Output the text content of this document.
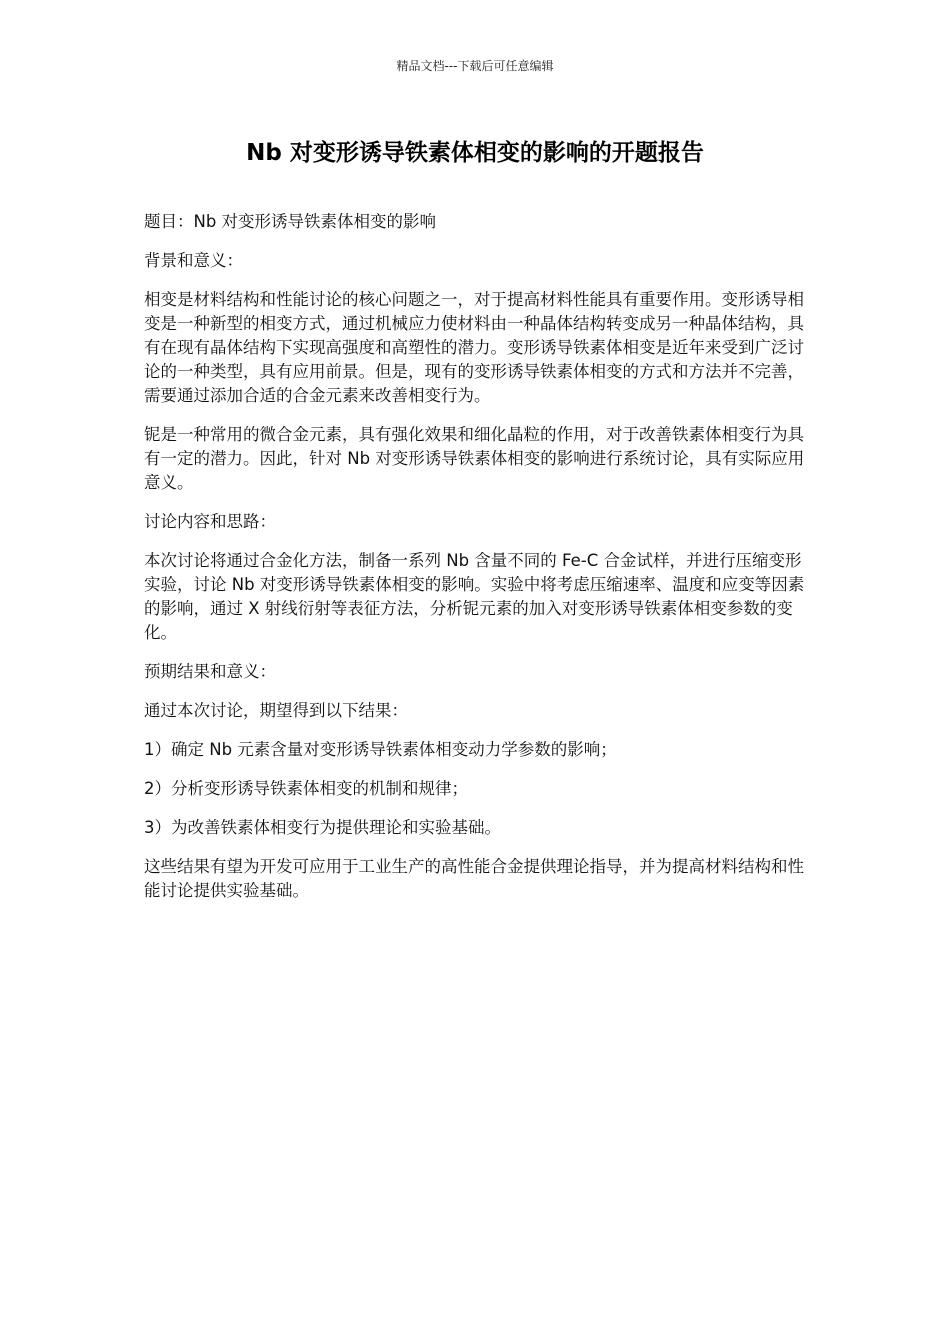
精品文档---下载后可任意编辑
Nb 对变形诱导铁素体相变的影响的开题报告

题目：Nb 对变形诱导铁素体相变的影响

背景和意义：

相变是材料结构和性能讨论的核心问题之一，对于提高材料性能具有重要作用。变形诱导相变是一种新型的相变方式，通过机械应力使材料由一种晶体结构转变成另一种晶体结构，具有在现有晶体结构下实现高强度和高塑性的潜力。变形诱导铁素体相变是近年来受到广泛讨论的一种类型，具有应用前景。但是，现有的变形诱导铁素体相变的方式和方法并不完善，需要通过添加合适的合金元素来改善相变行为。

铌是一种常用的微合金元素，具有强化效果和细化晶粒的作用，对于改善铁素体相变行为具有一定的潜力。因此，针对 Nb 对变形诱导铁素体相变的影响进行系统讨论，具有实际应用意义。

讨论内容和思路：

本次讨论将通过合金化方法，制备一系列 Nb 含量不同的 Fe-C 合金试样，并进行压缩变形实验，讨论 Nb 对变形诱导铁素体相变的影响。实验中将考虑压缩速率、温度和应变等因素的影响，通过 X 射线衍射等表征方法，分析铌元素的加入对变形诱导铁素体相变参数的变化。

预期结果和意义：

通过本次讨论，期望得到以下结果：

1）确定 Nb 元素含量对变形诱导铁素体相变动力学参数的影响；

2）分析变形诱导铁素体相变的机制和规律；

3）为改善铁素体相变行为提供理论和实验基础。

这些结果有望为开发可应用于工业生产的高性能合金提供理论指导，并为提高材料结构和性能讨论提供实验基础。
